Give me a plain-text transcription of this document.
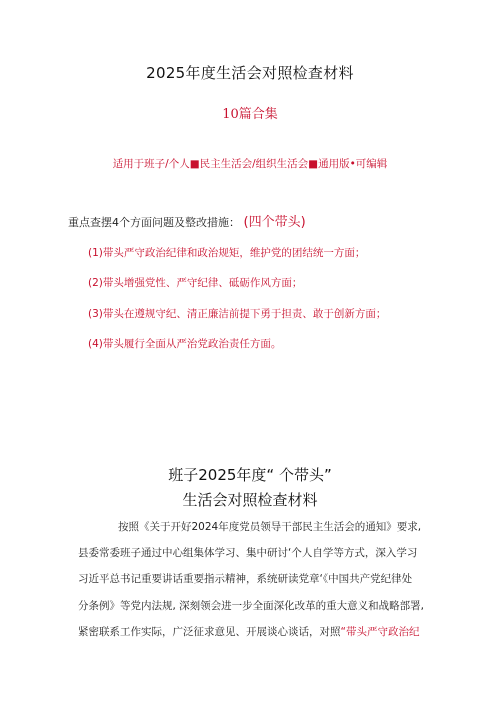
2025年度生活会对照检查材料
10篇合集
适用于班子/个人■民主生活会/组织生活会■通用版•可编辑
重点查摆4个方面问题及整改措施： (四个带头)
(1)带头严守政治纪律和政治规矩，维护党的团结统一方面；
(2)带头增强党性、严守纪律、砥砺作风方面；
(3)带头在遵规守纪、清正廉洁前提下勇于担责、敢于创新方面；
(4)带头履行全面从严治党政治责任方面。
班子2025年度“ 个带头”
生活会对照检查材料
按照《关于开好2024年度党员领导干部民主生活会的通知》要求,
县委常委班子通过中心组集体学习、集中研讨‘个人自学等方式，深入学习
习近平总书记重要讲话重要指示精神，系统研读党章‘《中国共产党纪律处
分条例》等党内法规, 深刻领会进一步全面深化改革的重大意义和战略部署,
紧密联系工作实际，广泛征求意见、开展谈心谈话，对照“带头严守政治纪
